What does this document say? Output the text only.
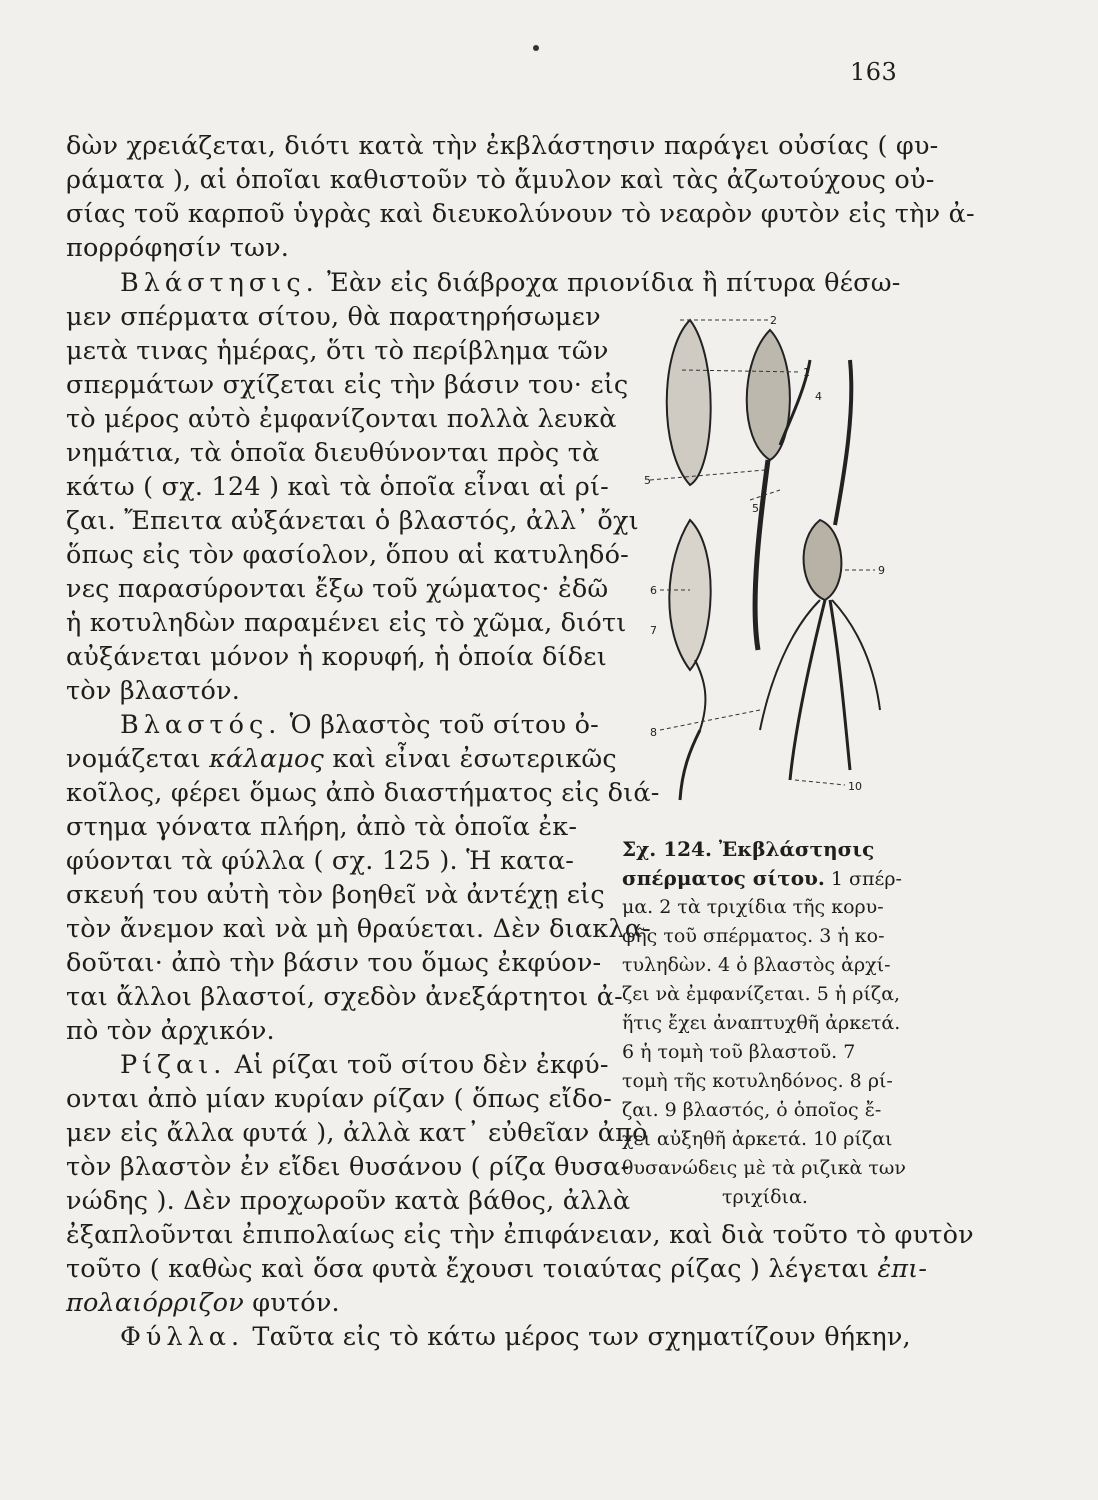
163
δὼν χρειάζεται, διότι κατὰ τὴν ἐκβλάστησιν παράγει οὐσίας ( φυ-
ράματα ), αἱ ὁποῖαι καθιστοῦν τὸ ἄμυλον καὶ τὰς ἀζωτούχους οὐ-
σίας τοῦ καρποῦ ὑγρὰς καὶ διευκολύνουν τὸ νεαρὸν φυτὸν εἰς τὴν ἀ-
πορρόφησίν των.
Βλάστησις. Ἐὰν εἰς διάβροχα πριονίδια ἢ πίτυρα θέσω-
μεν σπέρματα σίτου, θὰ παρατηρήσωμεν
μετὰ τινας ἡμέρας, ὅτι τὸ περίβλημα τῶν
σπερμάτων σχίζεται εἰς τὴν βάσιν του· εἰς
τὸ μέρος αὐτὸ ἐμφανίζονται πολλὰ λευκὰ
νημάτια, τὰ ὁποῖα διευθύνονται πρὸς τὰ
κάτω ( σχ. 124 ) καὶ τὰ ὁποῖα εἶναι αἱ ρί-
ζαι. Ἔπειτα αὐξάνεται ὁ βλαστός, ἀλλ᾽ ὄχι
ὅπως εἰς τὸν φασίολον, ὅπου αἱ κατυληδό-
νες παρασύρονται ἔξω τοῦ χώματος· ἐδῶ
ἡ κοτυληδὼν παραμένει εἰς τὸ χῶμα, διότι
αὐξάνεται μόνον ἡ κορυφή, ἡ ὁποία δίδει
τὸν βλαστόν.
Βλαστός. Ὁ βλαστὸς τοῦ σίτου ὀ-
νομάζεται κάλαμος καὶ εἶναι ἐσωτερικῶς
κοῖλος, φέρει ὅμως ἀπὸ διαστήματος εἰς διά-
στημα γόνατα πλήρη, ἀπὸ τὰ ὁποῖα ἐκ-
φύονται τὰ φύλλα ( σχ. 125 ). Ἡ κατα-
σκευή του αὐτὴ τὸν βοηθεῖ νὰ ἀντέχῃ εἰς
τὸν ἄνεμον καὶ νὰ μὴ θραύεται. Δὲν διακλα-
δοῦται· ἀπὸ τὴν βάσιν του ὅμως ἐκφύον-
ται ἄλλοι βλαστοί, σχεδὸν ἀνεξάρτητοι ἀ-
πὸ τὸν ἀρχικόν.
Ρίζαι. Αἱ ρίζαι τοῦ σίτου δὲν ἐκφύ-
ονται ἀπὸ μίαν κυρίαν ρίζαν ( ὅπως εἴδο-
μεν εἰς ἄλλα φυτά ), ἀλλὰ κατ᾽ εὐθεῖαν ἀπὸ
τὸν βλαστὸν ἐν εἴδει θυσάνου ( ρίζα θυσα-
νώδης ). Δὲν προχωροῦν κατὰ βάθος, ἀλλὰ
ἐξαπλοῦνται ἐπιπολαίως εἰς τὴν ἐπιφάνειαν, καὶ διὰ τοῦτο τὸ φυτὸν
τοῦτο ( καθὼς καὶ ὅσα φυτὰ ἔχουσι τοιαύτας ρίζας ) λέγεται ἐπι-
πολαιόρριζον φυτόν.
Φύλλα. Ταῦτα εἰς τὸ κάτω μέρος των σχηματίζουν θήκην,
2
1
4
5
5
6
7
9
8
10
Σχ. 124. Ἐκβλάστησις
σπέρματος σίτου. 1 σπέρ-
μα. 2 τὰ τριχίδια τῆς κορυ-
φῆς τοῦ σπέρματος. 3 ἡ κο-
τυληδὼν. 4 ὁ βλαστὸς ἀρχί-
ζει νὰ ἐμφανίζεται. 5 ἡ ρίζα,
ἥτις ἔχει ἀναπτυχθῆ ἀρκετά.
6 ἡ τομὴ τοῦ βλαστοῦ. 7
τομὴ τῆς κοτυληδόνος. 8 ρί-
ζαι. 9 βλαστός, ὁ ὁποῖος ἔ-
χει αὐξηθῆ ἀρκετά. 10 ρίζαι
θυσανώδεις μὲ τὰ ριζικὰ των
τριχίδια.
